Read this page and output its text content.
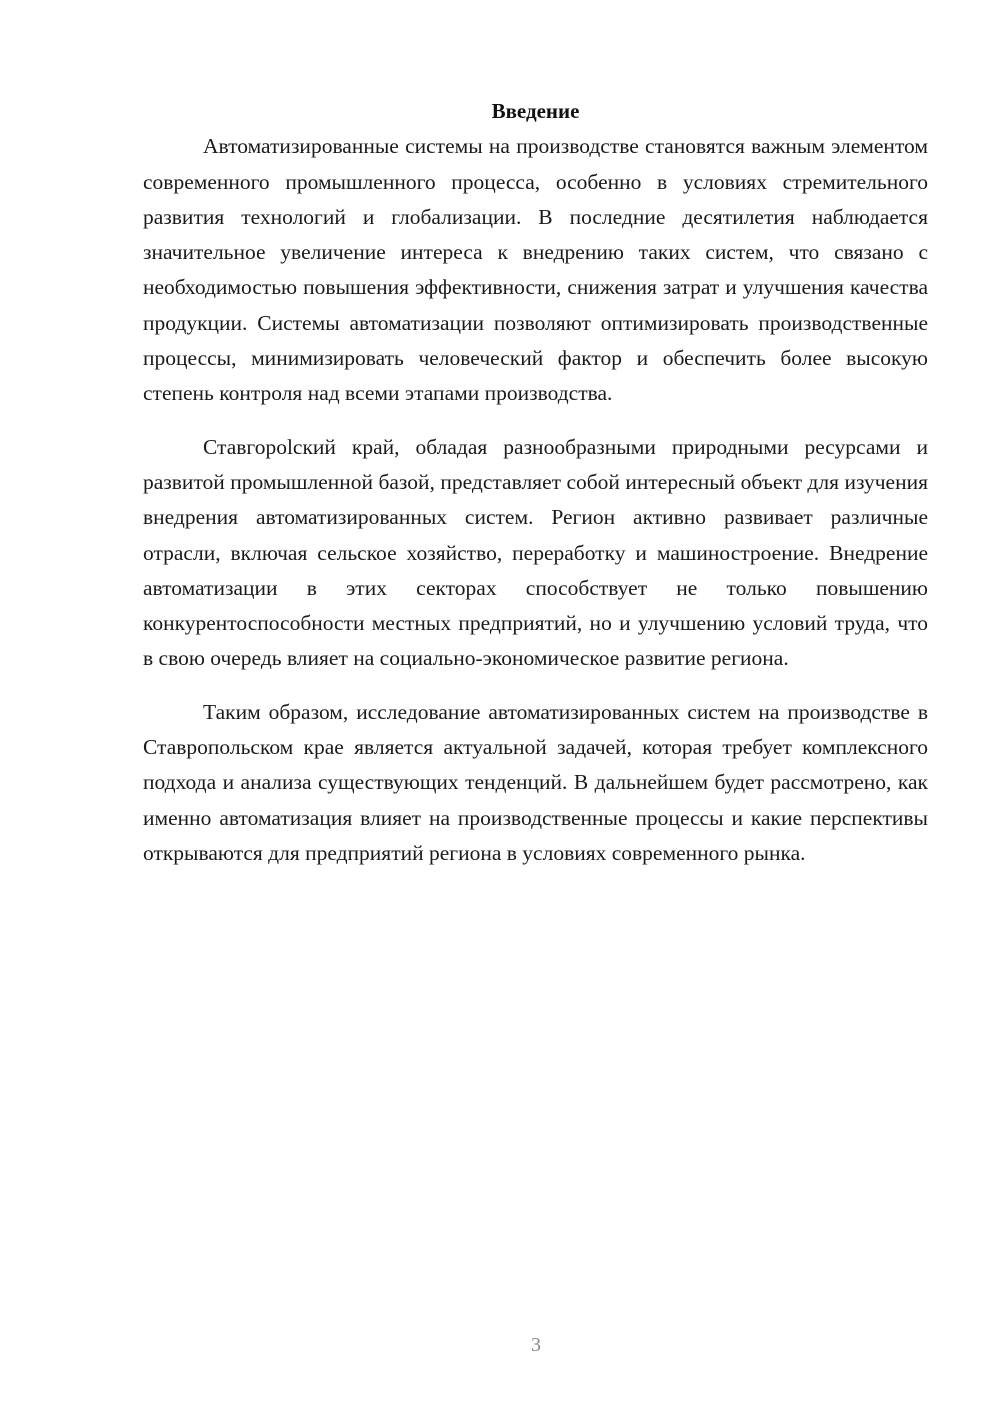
Введение

Автоматизированные системы на производстве становятся важным элементом современного промышленного процесса, особенно в условиях стремительного развития технологий и глобализации. В последние десятилетия наблюдается значительное увеличение интереса к внедрению таких систем, что связано с необходимостью повышения эффективности, снижения затрат и улучшения качества продукции. Системы автоматизации позволяют оптимизировать производственные процессы, минимизировать человеческий фактор и обеспечить более высокую степень контроля над всеми этапами производства.

Ставгороlский край, обладая разнообразными природными ресурсами и развитой промышленной базой, представляет собой интересный объект для изучения внедрения автоматизированных систем. Регион активно развивает различные отрасли, включая сельское хозяйство, переработку и машиностроение. Внедрение автоматизации в этих секторах способствует не только повышению конкурентоспособности местных предприятий, но и улучшению условий труда, что в свою очередь влияет на социально-экономическое развитие региона.

Таким образом, исследование автоматизированных систем на производстве в Ставропольском крае является актуальной задачей, которая требует комплексного подхода и анализа существующих тенденций. В дальнейшем будет рассмотрено, как именно автоматизация влияет на производственные процессы и какие перспективы открываются для предприятий региона в условиях современного рынка.

3
